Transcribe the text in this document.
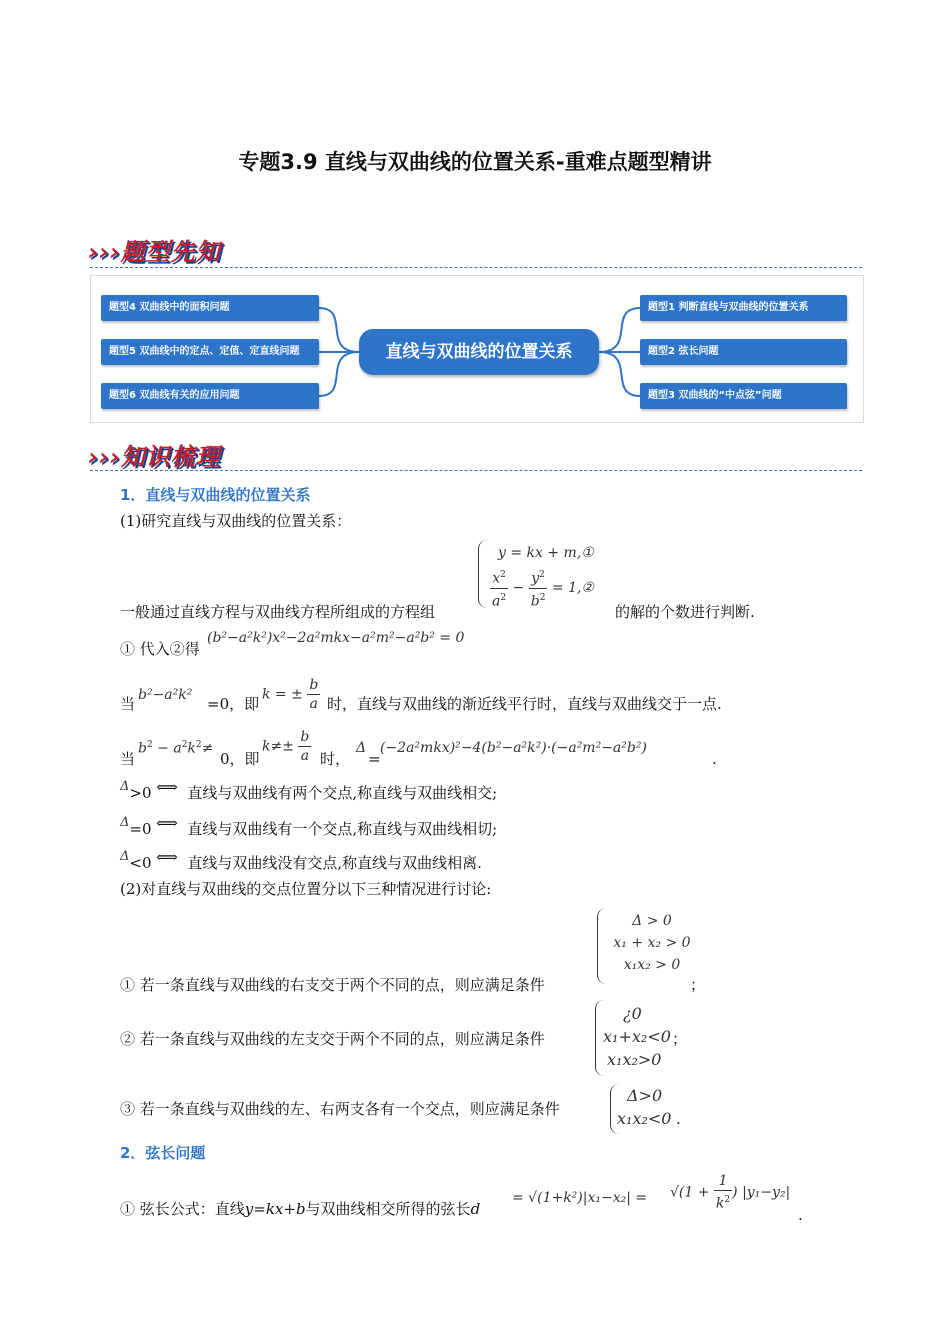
专题3.9 直线与双曲线的位置关系-重难点题型精讲
›››题型先知
题型4 双曲线中的面积问题
题型5 双曲线中的定点、定值、定直线问题
题型6 双曲线有关的应用问题
直线与双曲线的位置关系
题型1 判断直线与双曲线的位置关系
题型2 弦长问题
题型3 双曲线的“中点弦”问题
›››知识梳理
1．直线与双曲线的位置关系
(1)研究直线与双曲线的位置关系：
y = kx + m,①
$\frac{x^2}{a^2} - \frac{y^2}{b^2}$ = 1,②
一般通过直线方程与双曲线方程所组成的方程组	的解的个数进行判断.
① 代入②得
(b²−a²k²)x²−2a²mkx−a²m²−a²b² = 0
当 b²−a²k² =0，即
k = ± $\frac{b}{a}$ 时，直线与双曲线的渐近线平行时，直线与双曲线交于一点.
当
$b^2 - a^2k^2\ne$
0，即
$k\ne\pm \frac{b}{a}$ 时，
Δ
=
(−2a²mkx)²−4(b²−a²k²)·(−a²m²−a²b²)
.
Δ>0 ⟺ 直线与双曲线有两个交点,称直线与双曲线相交;
Δ=0 ⟺ 直线与双曲线有一个交点,称直线与双曲线相切;
Δ<0 ⟺ 直线与双曲线没有交点,称直线与双曲线相离.
(2)对直线与双曲线的交点位置分以下三种情况进行讨论:
Δ > 0
x₁ + x₂ > 0
x₁x₂ > 0
① 若一条直线与双曲线的右支交于两个不同的点，则应满足条件	；
¿0
x₁+x₂<0
x₁x₂>0
② 若一条直线与双曲线的左支交于两个不同的点，则应满足条件	；
Δ>0
x₁x₂<0
③ 若一条直线与双曲线的左、右两支各有一个交点，则应满足条件
.
2．弦长问题
① 弦长公式：直线y=kx+b与双曲线相交所得的弦长d
= $√(1+k^2)|x_1-x_2| = √(1 + \frac{1}{k^2}$ ) |y₁−y₂|
.
